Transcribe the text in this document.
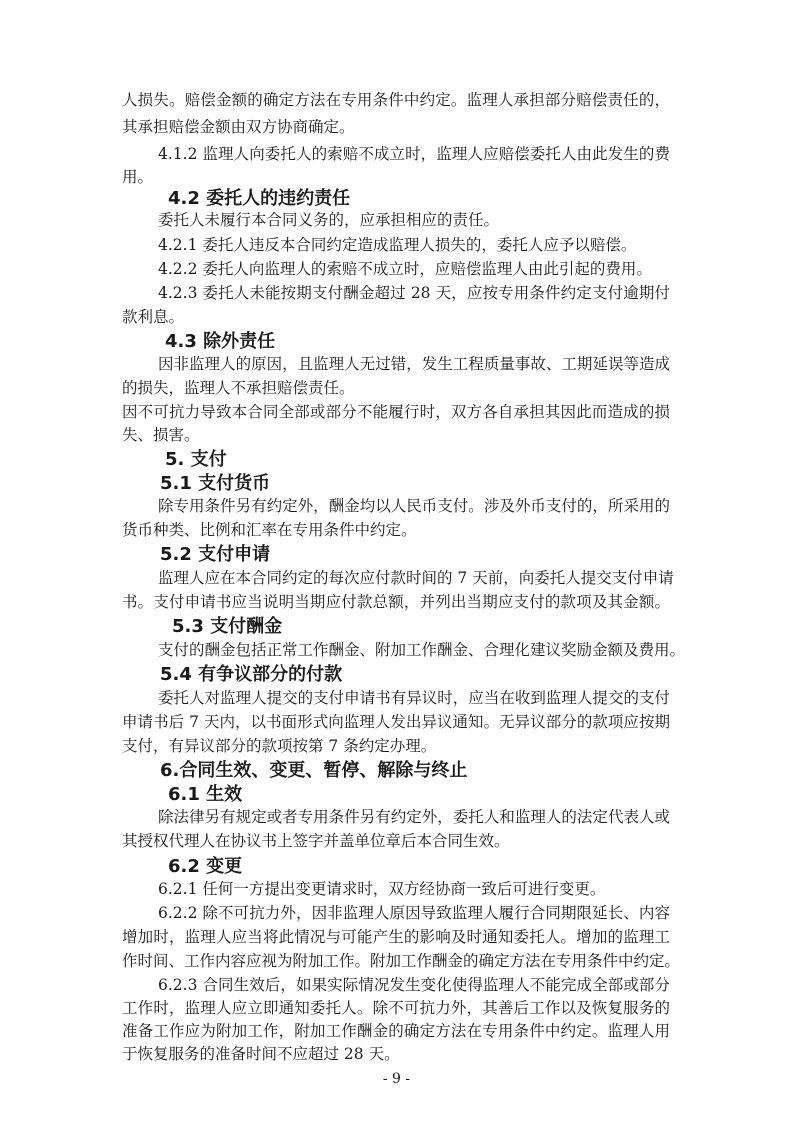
人损失。赔偿金额的确定方法在专用条件中约定。监理人承担部分赔偿责任的，

其承担赔偿金额由双方协商确定。

4.1.2 监理人向委托人的索赔不成立时，监理人应赔偿委托人由此发生的费

用。

4.2 委托人的违约责任

委托人未履行本合同义务的，应承担相应的责任。

4.2.1 委托人违反本合同约定造成监理人损失的，委托人应予以赔偿。

4.2.2 委托人向监理人的索赔不成立时，应赔偿监理人由此引起的费用。

4.2.3 委托人未能按期支付酬金超过 28 天，应按专用条件约定支付逾期付

款利息。

4.3 除外责任

因非监理人的原因，且监理人无过错，发生工程质量事故、工期延误等造成

的损失，监理人不承担赔偿责任。

因不可抗力导致本合同全部或部分不能履行时，双方各自承担其因此而造成的损

失、损害。

5. 支付

5.1 支付货币

除专用条件另有约定外，酬金均以人民币支付。涉及外币支付的，所采用的

货币种类、比例和汇率在专用条件中约定。

5.2 支付申请

监理人应在本合同约定的每次应付款时间的 7 天前，向委托人提交支付申请

书。支付申请书应当说明当期应付款总额，并列出当期应支付的款项及其金额。

5.3 支付酬金

支付的酬金包括正常工作酬金、附加工作酬金、合理化建议奖励金额及费用。

5.4 有争议部分的付款

委托人对监理人提交的支付申请书有异议时，应当在收到监理人提交的支付

申请书后 7 天内，以书面形式向监理人发出异议通知。无异议部分的款项应按期

支付，有异议部分的款项按第 7 条约定办理。

6.合同生效、变更、暂停、解除与终止

6.1 生效

除法律另有规定或者专用条件另有约定外，委托人和监理人的法定代表人或

其授权代理人在协议书上签字并盖单位章后本合同生效。

6.2 变更

6.2.1 任何一方提出变更请求时，双方经协商一致后可进行变更。

6.2.2 除不可抗力外，因非监理人原因导致监理人履行合同期限延长、内容

增加时，监理人应当将此情况与可能产生的影响及时通知委托人。增加的监理工

作时间、工作内容应视为附加工作。附加工作酬金的确定方法在专用条件中约定。

6.2.3 合同生效后，如果实际情况发生变化使得监理人不能完成全部或部分

工作时，监理人应立即通知委托人。除不可抗力外，其善后工作以及恢复服务的

准备工作应为附加工作，附加工作酬金的确定方法在专用条件中约定。监理人用

于恢复服务的准备时间不应超过 28 天。

- 9 -
